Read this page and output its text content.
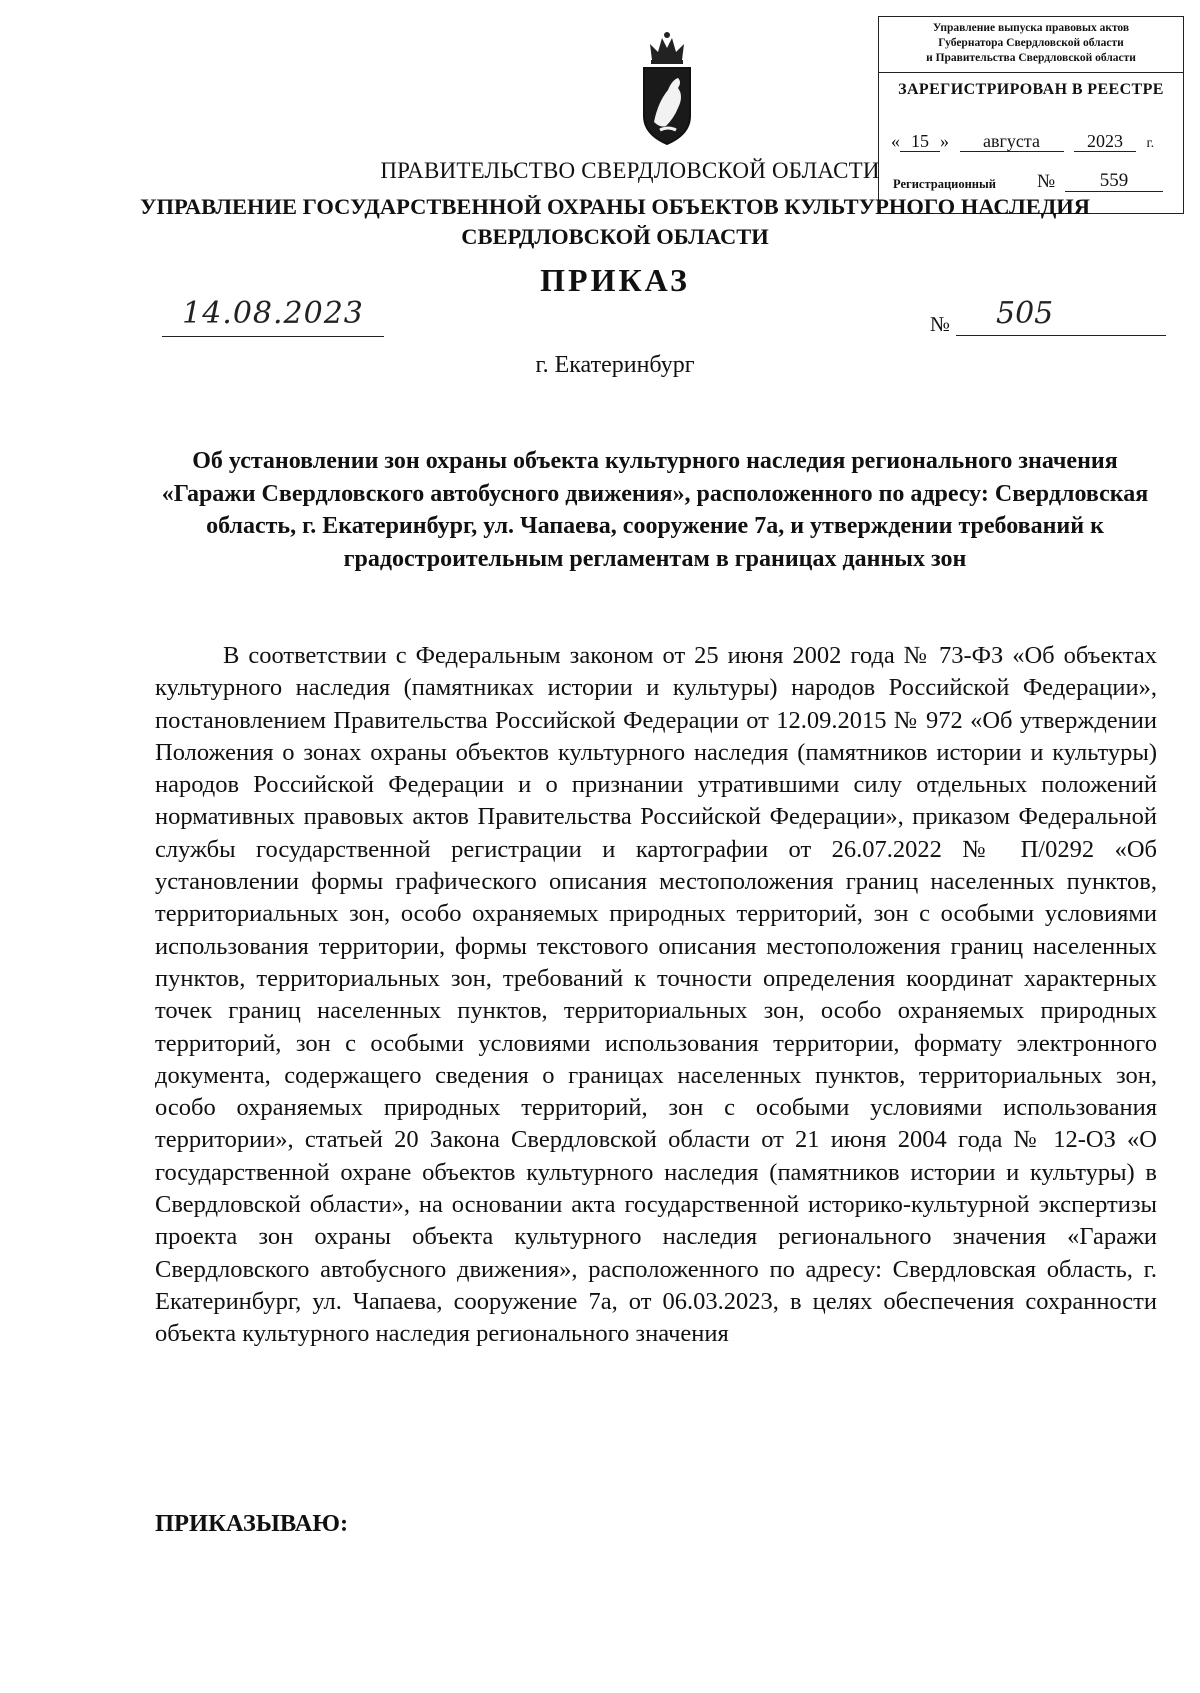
Управление выпуска правовых актов
Губернатора Свердловской области
и Правительства Свердловской области
ЗАРЕГИСТРИРОВАН В РЕЕСТРЕ
« 15 » августа	2023 г.
Регистрационный №	559
ПРАВИТЕЛЬСТВО СВЕРДЛОВСКОЙ ОБЛАСТИ
УПРАВЛЕНИЕ ГОСУДАРСТВЕННОЙ ОХРАНЫ ОБЪЕКТОВ КУЛЬТУРНОГО НАСЛЕДИЯ
СВЕРДЛОВСКОЙ ОБЛАСТИ
ПРИКАЗ
14.08.2023	№	505
г. Екатеринбург
Об установлении зон охраны объекта культурного наследия регионального значения «Гаражи Свердловского автобусного движения», расположенного по адресу: Свердловская область, г. Екатеринбург, ул. Чапаева, сооружение 7а, и утверждении требований к градостроительным регламентам в границах данных зон
В соответствии с Федеральным законом от 25 июня 2002 года № 73-ФЗ «Об объектах культурного наследия (памятниках истории и культуры) народов Российской Федерации», постановлением Правительства Российской Федерации от 12.09.2015 № 972 «Об утверждении Положения о зонах охраны объектов культурного наследия (памятников истории и культуры) народов Российской Федерации и о признании утратившими силу отдельных положений нормативных правовых актов Правительства Российской Федерации», приказом Федеральной службы государственной регистрации и картографии от 26.07.2022 № П/0292 «Об установлении формы графического описания местоположения границ населенных пунктов, территориальных зон, особо охраняемых природных территорий, зон с особыми условиями использования территории, формы текстового описания местоположения границ населенных пунктов, территориальных зон, требований к точности определения координат характерных точек границ населенных пунктов, территориальных зон, особо охраняемых природных территорий, зон с особыми условиями использования территории, формату электронного документа, содержащего сведения о границах населенных пунктов, территориальных зон, особо охраняемых природных территорий, зон с особыми условиями использования территории», статьей 20 Закона Свердловской области от 21 июня 2004 года № 12-ОЗ «О государственной охране объектов культурного наследия (памятников истории и культуры) в Свердловской области», на основании акта государственной историко-культурной экспертизы проекта зон охраны объекта культурного наследия регионального значения «Гаражи Свердловского автобусного движения», расположенного по адресу: Свердловская область, г. Екатеринбург, ул. Чапаева, сооружение 7а, от 06.03.2023, в целях обеспечения сохранности объекта культурного наследия регионального значения
ПРИКАЗЫВАЮ:
